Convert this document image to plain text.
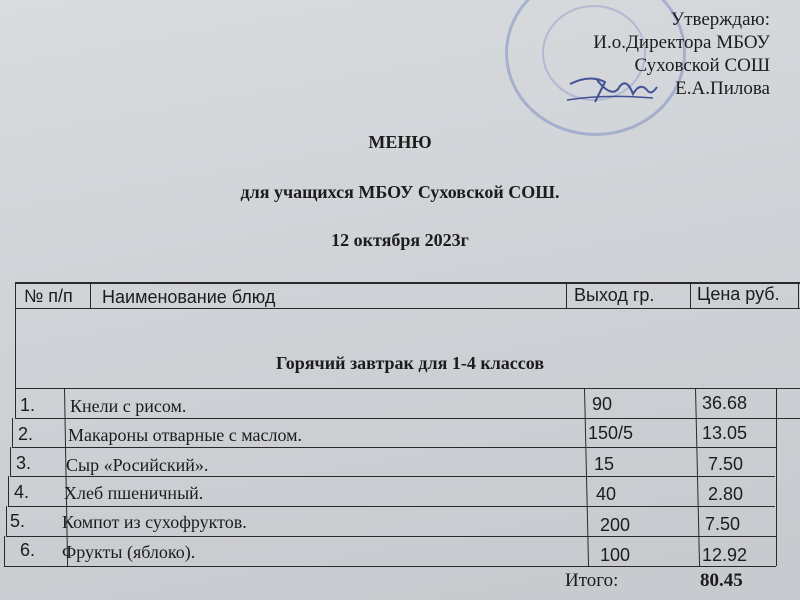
Утверждаю:
И.о.Директора МБОУ
Суховской СОШ
Е.А.Пилова
МЕНЮ
для учащихся МБОУ Суховской СОШ.
12 октября 2023г
№ п/п Наименование блюд	Выход гр. Цена руб.
Горячий завтрак для 1-4 классов
1. Кнели с рисом.	90	36.68
2. Макароны отварные с маслом.	150/5	13.05
3. Сыр «Росийский».	15	7.50
4. Хлеб пшеничный.	40	2.80
5. Компот из сухофруктов.	200	7.50
6. Фрукты (яблоко).	100	12.92
Итого:	80.45
